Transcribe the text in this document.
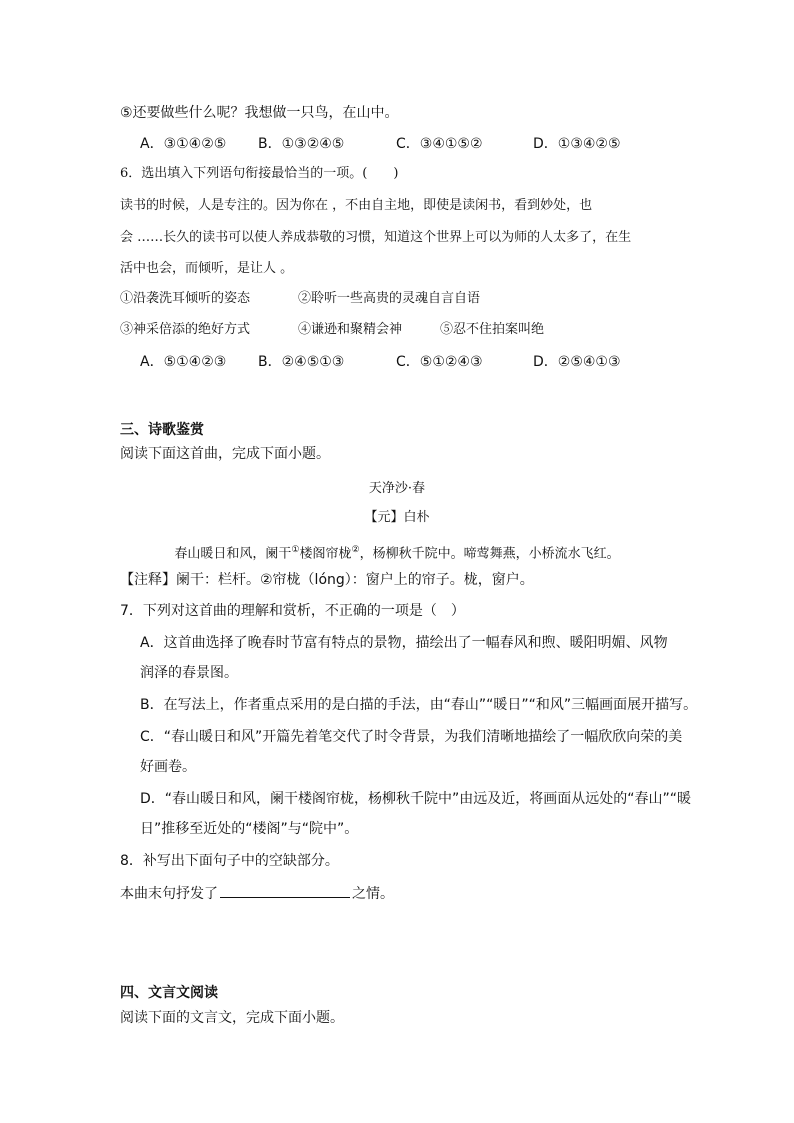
⑤还要做些什么呢？我想做一只鸟，在山中。
A．③①④②⑤ B．①③②④⑤	C．③④①⑤②	D．①③④②⑤
6．选出填入下列语句衔接最恰当的一项。(　　)
读书的时候，人是专注的。因为你在 ，不由自主地，即使是读闲书，看到妙处，也
会 ……长久的读书可以使人养成恭敬的习惯，知道这个世界上可以为师的人太多了，在生
活中也会，而倾听，是让人 。
①沿袭洗耳倾听的姿态	②聆听一些高贵的灵魂自言自语
③神采倍添的绝好方式	④谦逊和聚精会神	⑤忍不住拍案叫绝
A．⑤①④②③ B．②④⑤①③	C．⑤①②④③	D．②⑤④①③
三、诗歌鉴赏
阅读下面这首曲，完成下面小题。
天净沙·春
【元】白朴
春山暖日和风，阑干①楼阁帘栊②，杨柳秋千院中。啼莺舞燕，小桥流水飞红。
【注释】阑干：栏杆。②帘栊（lóng）：窗户上的帘子。栊，窗户。
7．下列对这首曲的理解和赏析，不正确的一项是（　）
A．这首曲选择了晚春时节富有特点的景物，描绘出了一幅春风和煦、暖阳明媚、风物
润泽的春景图。
B．在写法上，作者重点采用的是白描的手法，由“春山”“暖日”“和风”三幅画面展开描写。
C．“春山暖日和风”开篇先着笔交代了时令背景，为我们清晰地描绘了一幅欣欣向荣的美
好画卷。
D．“春山暖日和风，阑干楼阁帘栊，杨柳秋千院中”由远及近，将画面从远处的“春山”“暖
日”推移至近处的“楼阁”与“院中”。
8．补写出下面句子中的空缺部分。
本曲末句抒发了	之情。
四、文言文阅读
阅读下面的文言文，完成下面小题。
